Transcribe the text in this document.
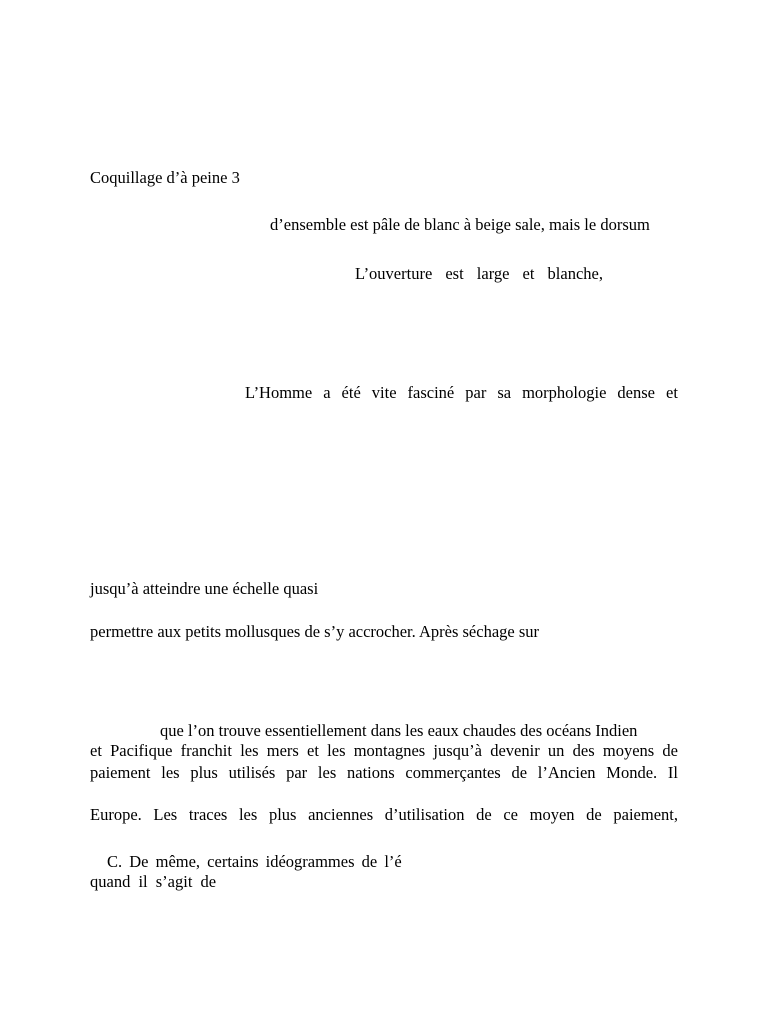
Coquillage d’à peine 3
d’ensemble est pâle de blanc à beige sale, mais le dorsum
L’ouverture est large et blanche,
L’Homme a été vite fasciné par sa morphologie dense et
jusqu’à atteindre une échelle quasi
permettre aux petits mollusques de s’y accrocher. Après séchage sur
que l’on trouve essentiellement dans les eaux chaudes des océans Indien
et Pacifique franchit les mers et les montagnes jusqu’à devenir un des moyens de
paiement les plus utilisés par les nations commerçantes de l’Ancien Monde. Il
Europe. Les traces les plus anciennes d’utilisation de ce moyen de paiement,
C. De même, certains idéogrammes de l’é
quand il s’agit de
